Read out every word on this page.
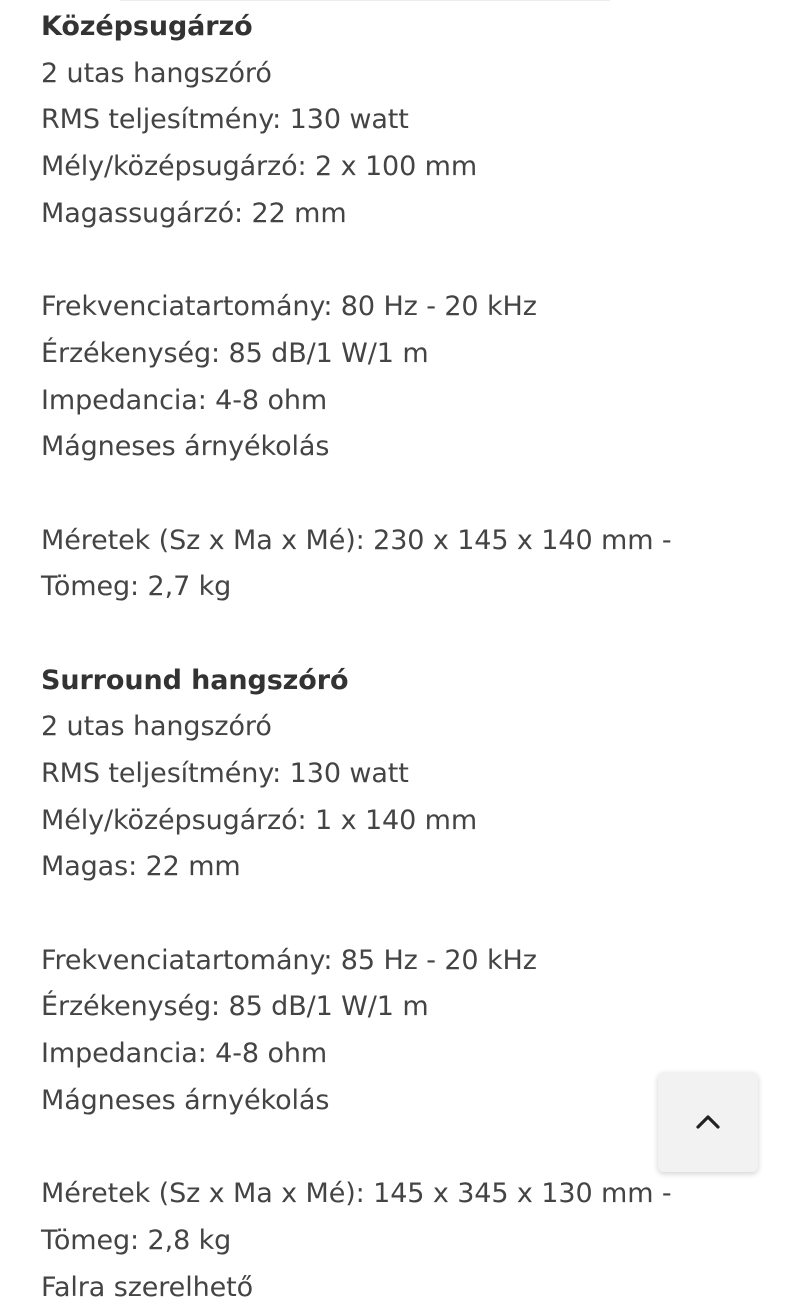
Középsugárzó
2 utas hangszóró
RMS teljesítmény: 130 watt
Mély/középsugárzó: 2 x 100 mm
Magassugárzó: 22 mm
Frekvenciatartomány: 80 Hz - 20 kHz
Érzékenység: 85 dB/1 W/1 m
Impedancia: 4-8 ohm
Mágneses árnyékolás
Méretek (Sz x Ma x Mé): 230 x 145 x 140 mm -
Tömeg: 2,7 kg
Surround hangszóró
2 utas hangszóró
RMS teljesítmény: 130 watt
Mély/középsugárzó: 1 x 140 mm
Magas: 22 mm
Frekvenciatartomány: 85 Hz - 20 kHz
Érzékenység: 85 dB/1 W/1 m
Impedancia: 4-8 ohm
Mágneses árnyékolás
Méretek (Sz x Ma x Mé): 145 x 345 x 130 mm -
Tömeg: 2,8 kg
Falra szerelhető
